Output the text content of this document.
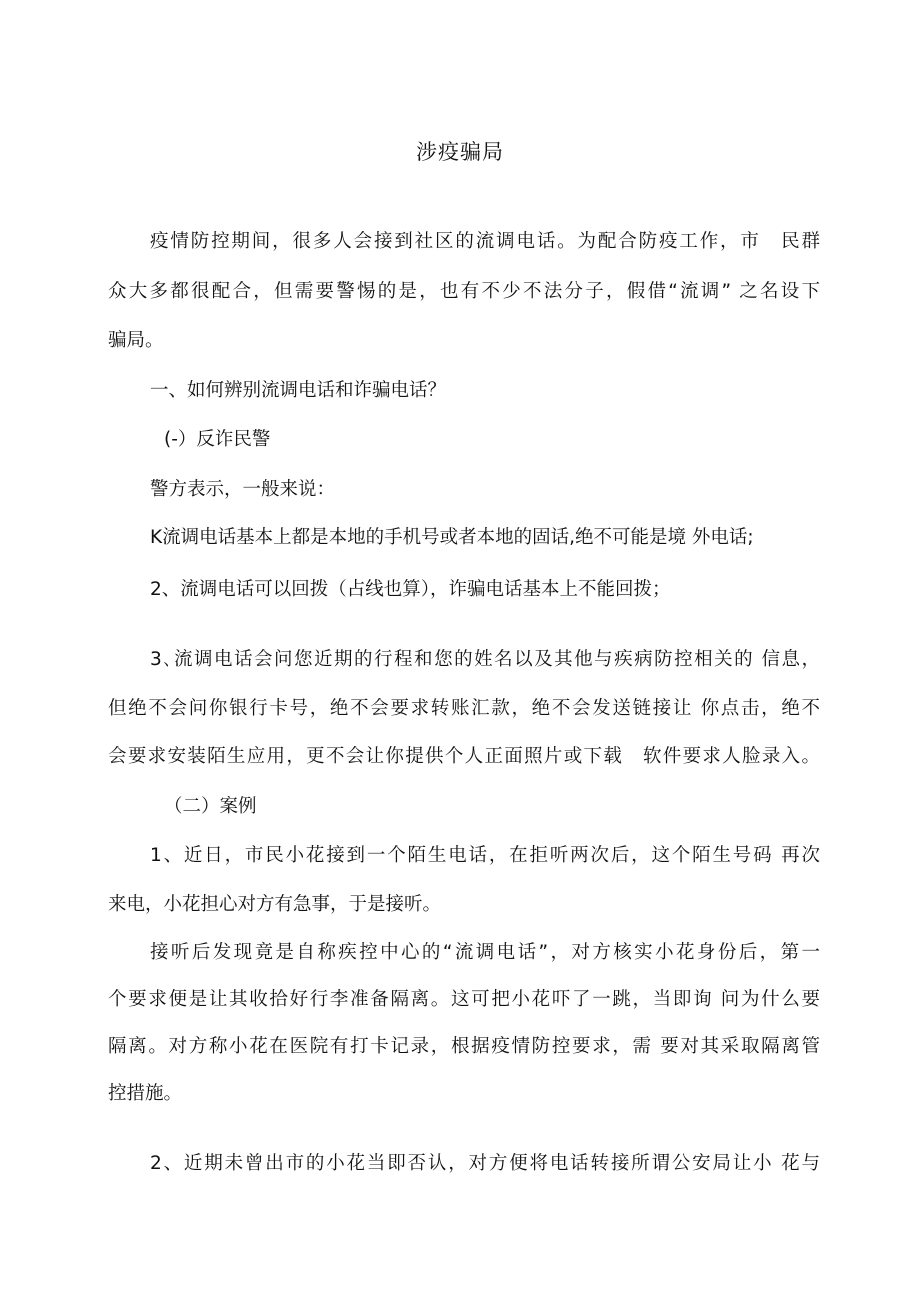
涉疫骗局
疫情防控期间，很多人会接到社区的流调电话。为配合防疫工作，市　民群
众大多都很配合，但需要警惕的是，也有不少不法分子，假借“流调” 之名设下
骗局。
一、如何辨别流调电话和诈骗电话？
(-）反诈民警
警方表示，一般来说：
K流调电话基本上都是本地的手机号或者本地的固话,绝不可能是境 外电话;
2、流调电话可以回拨（占线也算），诈骗电话基本上不能回拨；
3､流调电话会问您近期的行程和您的姓名以及其他与疾病防控相关的 信息，
但绝不会问你银行卡号，绝不会要求转账汇款，绝不会发送链接让 你点击，绝不
会要求安装陌生应用，更不会让你提供个人正面照片或下载　软件要求人脸录入。
（二）案例
1、近日，市民小花接到一个陌生电话，在拒听两次后，这个陌生号码 再次
来电，小花担心对方有急事，于是接听。
接听后发现竟是自称疾控中心的“流调电话”，对方核实小花身份后，第一
个要求便是让其收拾好行李准备隔离。这可把小花吓了一跳，当即询 问为什么要
隔离。对方称小花在医院有打卡记录，根据疫情防控要求，需 要对其采取隔离管
控措施。
2、近期未曾出市的小花当即否认，对方便将电话转接所谓公安局让小 花与
